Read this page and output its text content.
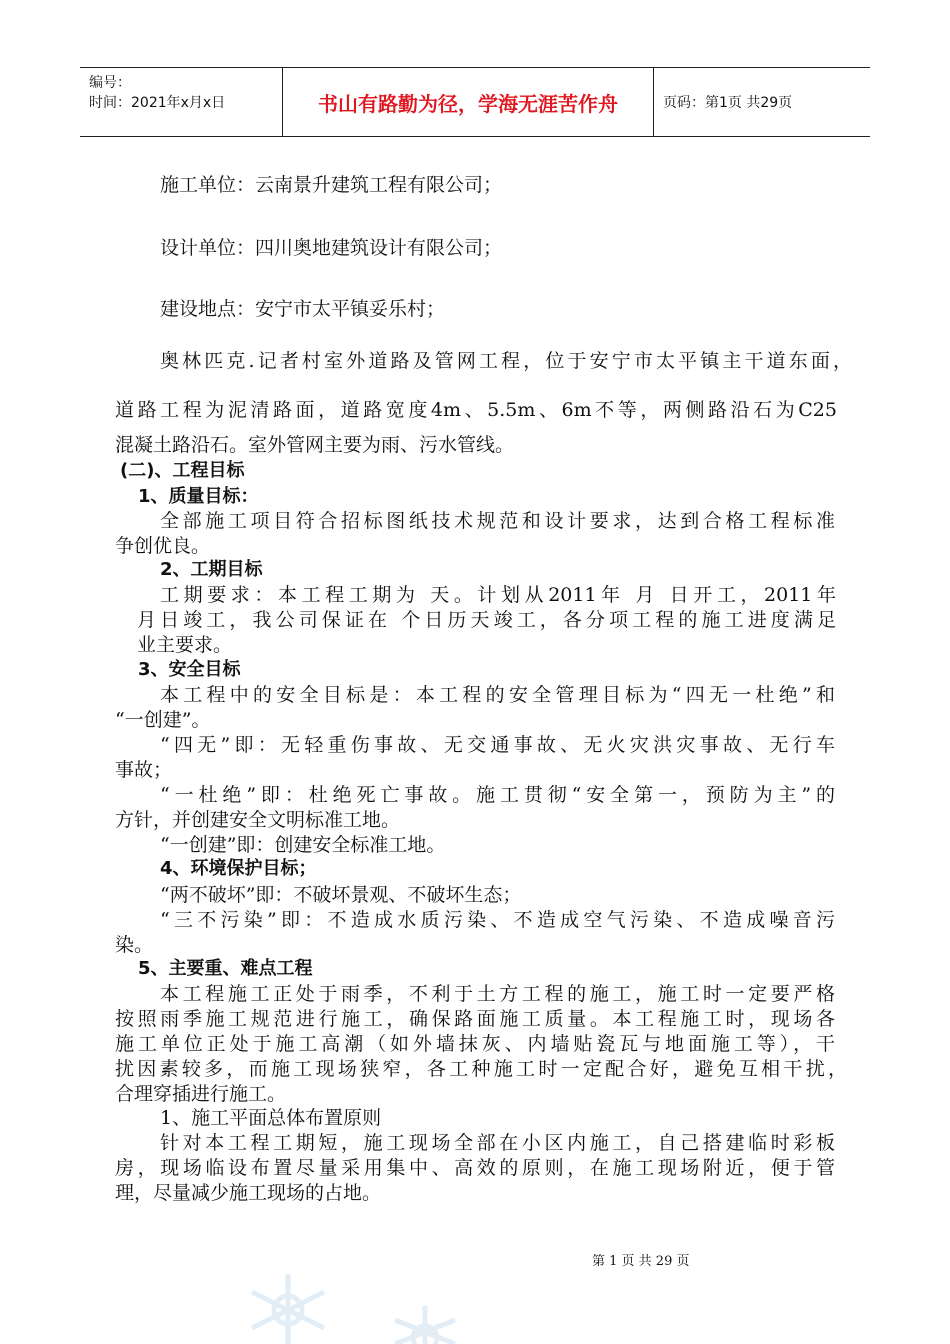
编号：
时间：2021年x月x日	书山有路勤为径，学海无涯苦作舟	页码：第1页 共29页
施工单位：云南景升建筑工程有限公司；
设计单位：四川奥地建筑设计有限公司；
建设地点：安宁市太平镇妥乐村；
奥林匹克.记者村室外道路及管网工程，位于安宁市太平镇主干道东面，
道路工程为泥清路面，道路宽度4m、5.5m、6m不等，两侧路沿石为C25
混凝土路沿石。室外管网主要为雨、污水管线。
(二)、工程目标
1、质量目标：
全部施工项目符合招标图纸技术规范和设计要求，达到合格工程标准
争创优良。
2、工期目标
工期要求：本工程工期为 天。计划从2011年 月 日开工，2011年
月日竣工，我公司保证在 个日历天竣工，各分项工程的施工进度满足
业主要求。
3、安全目标
本工程中的安全目标是：本工程的安全管理目标为“四无一杜绝”和
“一创建”。
“四无”即：无轻重伤事故、无交通事故、无火灾洪灾事故、无行车
事故；
“一杜绝”即：杜绝死亡事故。施工贯彻“安全第一，预防为主”的
方针，并创建安全文明标准工地。
“一创建”即：创建安全标准工地。
4、环境保护目标；
“两不破坏”即：不破坏景观、不破坏生态；
“三不污染”即：不造成水质污染、不造成空气污染、不造成噪音污
染。
5、主要重、难点工程
本工程施工正处于雨季，不利于土方工程的施工，施工时一定要严格
按照雨季施工规范进行施工，确保路面施工质量。本工程施工时，现场各
施工单位正处于施工高潮（如外墙抹灰、内墙贴瓷瓦与地面施工等），干
扰因素较多，而施工现场狭窄，各工种施工时一定配合好，避免互相干扰，
合理穿插进行施工。
1、施工平面总体布置原则
针对本工程工期短，施工现场全部在小区内施工，自己搭建临时彩板
房，现场临设布置尽量采用集中、高效的原则，在施工现场附近，便于管
理，尽量减少施工现场的占地。
第 1 页 共 29 页
